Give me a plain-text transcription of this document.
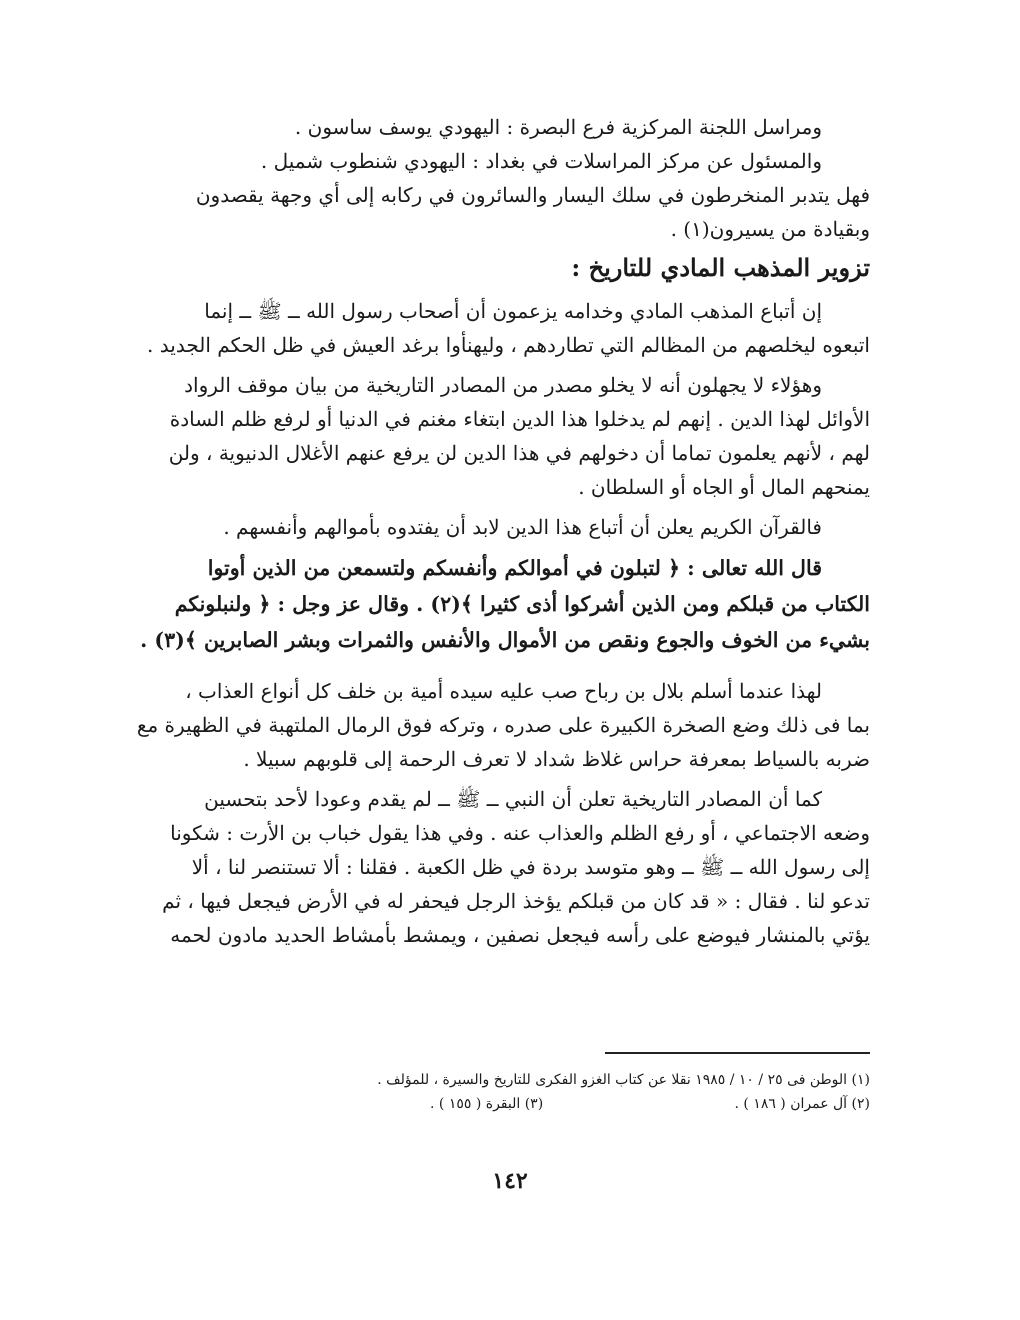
ومراسل اللجنة المركزية فرع البصرة : اليهودي يوسف ساسون .
والمسئول عن مركز المراسلات في بغداد : اليهودي شنطوب شميل .
فهل يتدبر المنخرطون في سلك اليسار والسائرون في ركابه إلى أي وجهة يقصدون
وبقيادة من يسيرون(١) .
تزوير المذهب المادي للتاريخ :
إن أتباع المذهب المادي وخدامه يزعمون أن أصحاب رسول الله ــ ﷺ ــ إنما
اتبعوه ليخلصهم من المظالم التي تطاردهم ، وليهنأوا برغد العيش في ظل الحكم الجديد .
وهؤلاء لا يجهلون أنه لا يخلو مصدر من المصادر التاريخية من بيان موقف الرواد
الأوائل لهذا الدين . إنهم لم يدخلوا هذا الدين ابتغاء مغنم في الدنيا أو لرفع ظلم السادة
لهم ، لأنهم يعلمون تماما أن دخولهم في هذا الدين لن يرفع عنهم الأغلال الدنيوية ، ولن
يمنحهم المال أو الجاه أو السلطان .
فالقرآن الكريم يعلن أن أتباع هذا الدين لابد أن يفتدوه بأموالهم وأنفسهم .
قال الله تعالى : ﴿ لتبلون في أموالكم وأنفسكم ولتسمعن من الذين أوتوا
الكتاب من قبلكم ومن الذين أشركوا أذى كثيرا ﴾(٢) . وقال عز وجل : ﴿ ولنبلونكم
بشيء من الخوف والجوع ونقص من الأموال والأنفس والثمرات وبشر الصابرين ﴾(٣) .
لهذا عندما أسلم بلال بن رباح صب عليه سيده أمية بن خلف كل أنواع العذاب ،
بما فى ذلك وضع الصخرة الكبيرة على صدره ، وتركه فوق الرمال الملتهبة في الظهيرة مع
ضربه بالسياط بمعرفة حراس غلاظ شداد لا تعرف الرحمة إلى قلوبهم سبيلا .
كما أن المصادر التاريخية تعلن أن النبي ــ ﷺ ــ لم يقدم وعودا لأحد بتحسين
وضعه الاجتماعي ، أو رفع الظلم والعذاب عنه . وفي هذا يقول خباب بن الأرت : شكونا
إلى رسول الله ــ ﷺ ــ وهو متوسد بردة في ظل الكعبة . فقلنا : ألا تستنصر لنا ، ألا
تدعو لنا . فقال : « قد كان من قبلكم يؤخذ الرجل فيحفر له في الأرض فيجعل فيها ، ثم
يؤتي بالمنشار فيوضع على رأسه فيجعل نصفين ، ويمشط بأمشاط الحديد مادون لحمه
(١) الوطن فى ٢٥ / ١٠ / ١٩٨٥ نقلا عن كتاب الغزو الفكرى للتاريخ والسيرة ، للمؤلف .
(٢) آل عمران ( ١٨٦ ) .
(٣) البقرة ( ١٥٥ ) .
١٤٢
